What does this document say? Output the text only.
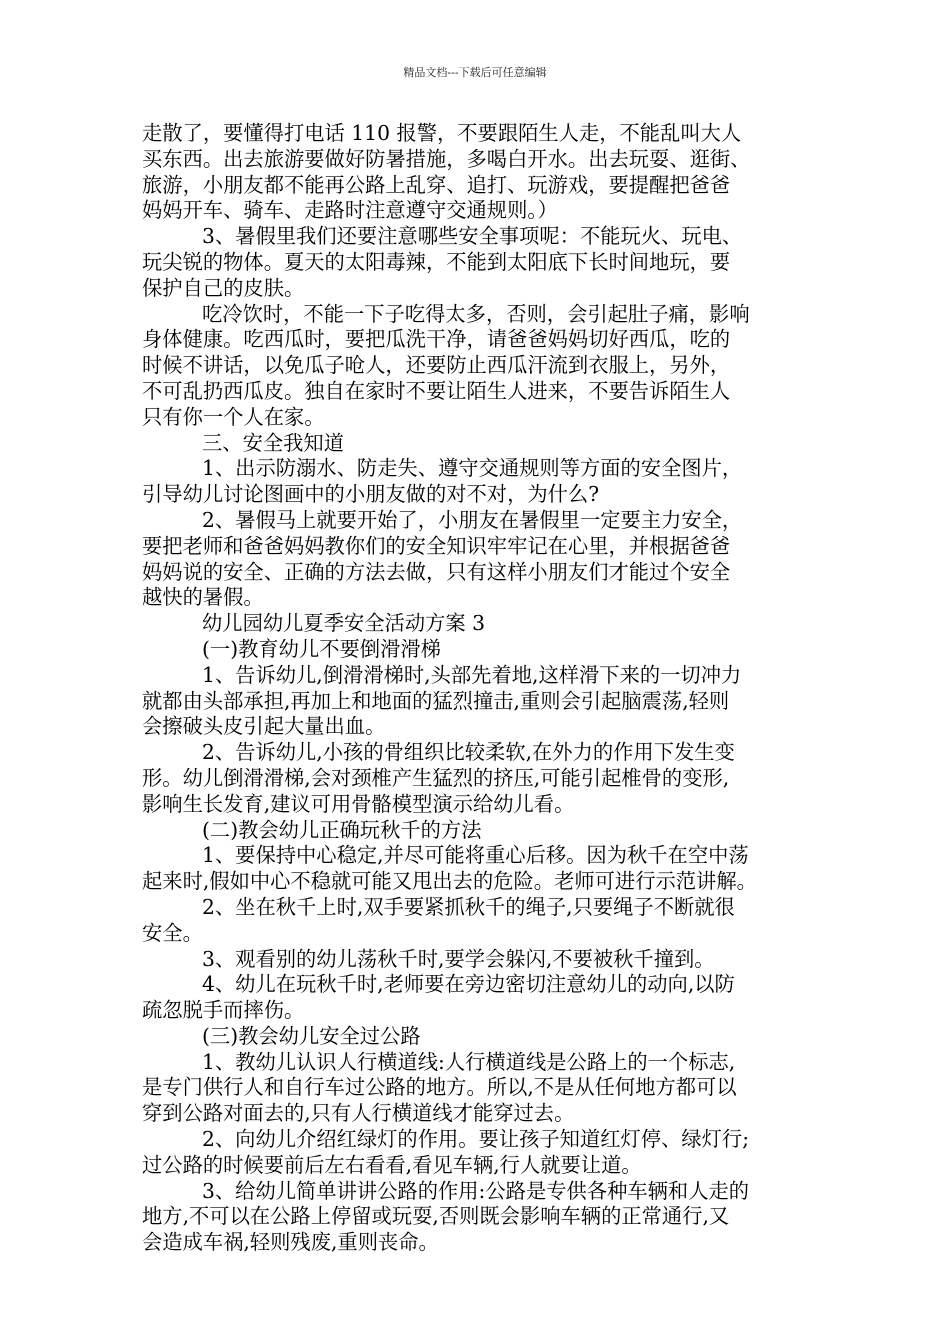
精品文档---下载后可任意编辑
走散了，要懂得打电话 110 报警，不要跟陌生人走，不能乱叫大人
买东西。出去旅游要做好防暑措施，多喝白开水。出去玩耍、逛街、
旅游，小朋友都不能再公路上乱穿、追打、玩游戏，要提醒把爸爸
妈妈开车、骑车、走路时注意遵守交通规则。）
3、暑假里我们还要注意哪些安全事项呢：不能玩火、玩电、
玩尖锐的物体。夏天的太阳毒辣，不能到太阳底下长时间地玩，要
保护自己的皮肤。
吃冷饮时，不能一下子吃得太多，否则，会引起肚子痛，影响
身体健康。吃西瓜时，要把瓜洗干净，请爸爸妈妈切好西瓜，吃的
时候不讲话，以免瓜子呛人，还要防止西瓜汗流到衣服上，另外，
不可乱扔西瓜皮。独自在家时不要让陌生人进来，不要告诉陌生人
只有你一个人在家。
三、安全我知道
1、出示防溺水、防走失、遵守交通规则等方面的安全图片，
引导幼儿讨论图画中的小朋友做的对不对，为什么?
2、暑假马上就要开始了，小朋友在暑假里一定要主力安全，
要把老师和爸爸妈妈教你们的安全知识牢牢记在心里，并根据爸爸
妈妈说的安全、正确的方法去做，只有这样小朋友们才能过个安全
越快的暑假。
幼儿园幼儿夏季安全活动方案 3
(一)教育幼儿不要倒滑滑梯
1、告诉幼儿,倒滑滑梯时,头部先着地,这样滑下来的一切冲力
就都由头部承担,再加上和地面的猛烈撞击,重则会引起脑震荡,轻则
会擦破头皮引起大量出血。
2、告诉幼儿,小孩的骨组织比较柔软,在外力的作用下发生变
形。幼儿倒滑滑梯,会对颈椎产生猛烈的挤压,可能引起椎骨的变形,
影响生长发育,建议可用骨骼模型演示给幼儿看。
(二)教会幼儿正确玩秋千的方法
1、要保持中心稳定,并尽可能将重心后移。因为秋千在空中荡
起来时,假如中心不稳就可能又甩出去的危险。老师可进行示范讲解。
2、坐在秋千上时,双手要紧抓秋千的绳子,只要绳子不断就很
安全。
3、观看别的幼儿荡秋千时,要学会躲闪,不要被秋千撞到。
4、幼儿在玩秋千时,老师要在旁边密切注意幼儿的动向,以防
疏忽脱手而摔伤。
(三)教会幼儿安全过公路
1、教幼儿认识人行横道线:人行横道线是公路上的一个标志,
是专门供行人和自行车过公路的地方。所以,不是从任何地方都可以
穿到公路对面去的,只有人行横道线才能穿过去。
2、向幼儿介绍红绿灯的作用。要让孩子知道红灯停、绿灯行;
过公路的时候要前后左右看看,看见车辆,行人就要让道。
3、给幼儿简单讲讲公路的作用:公路是专供各种车辆和人走的
地方,不可以在公路上停留或玩耍,否则既会影响车辆的正常通行,又
会造成车祸,轻则残废,重则丧命。
